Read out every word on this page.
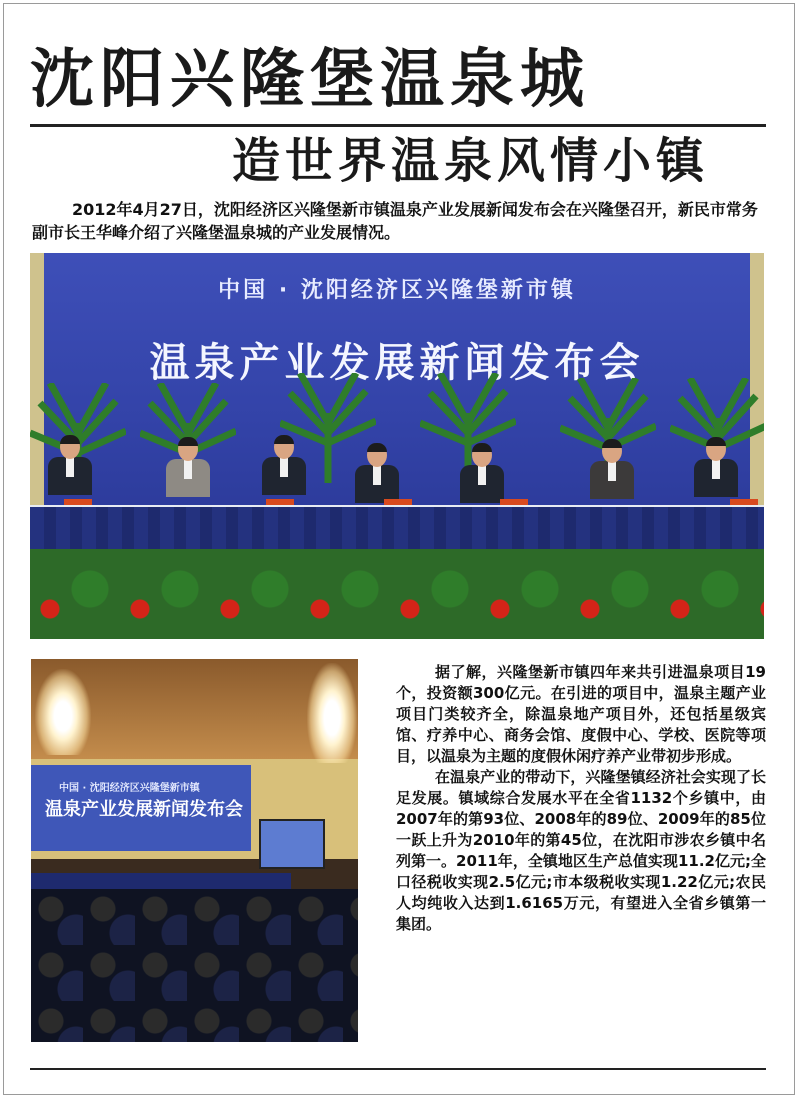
沈阳兴隆堡温泉城
造世界温泉风情小镇
2012年4月27日，沈阳经济区兴隆堡新市镇温泉产业发展新闻发布会在兴隆堡召开，新民市常务副市长王华峰介绍了兴隆堡温泉城的产业发展情况。
中国 · 沈阳经济区兴隆堡新市镇
温泉产业发展新闻发布会
中国 · 沈阳经济区兴隆堡新市镇
温泉产业发展新闻发布会

据了解，兴隆堡新市镇四年来共引进温泉项目19个，投资额300亿元。在引进的项目中，温泉主题产业项目门类较齐全，除温泉地产项目外，还包括星级宾馆、疗养中心、商务会馆、度假中心、学校、医院等项目，以温泉为主题的度假休闲疗养产业带初步形成。

在温泉产业的带动下，兴隆堡镇经济社会实现了长足发展。镇域综合发展水平在全省1132个乡镇中，由2007年的第93位、2008年的89位、2009年的85位一跃上升为2010年的第45位，在沈阳市涉农乡镇中名列第一。2011年，全镇地区生产总值实现11.2亿元;全口径税收实现2.5亿元;市本级税收实现1.22亿元;农民人均纯收入达到1.6165万元，有望进入全省乡镇第一集团。
